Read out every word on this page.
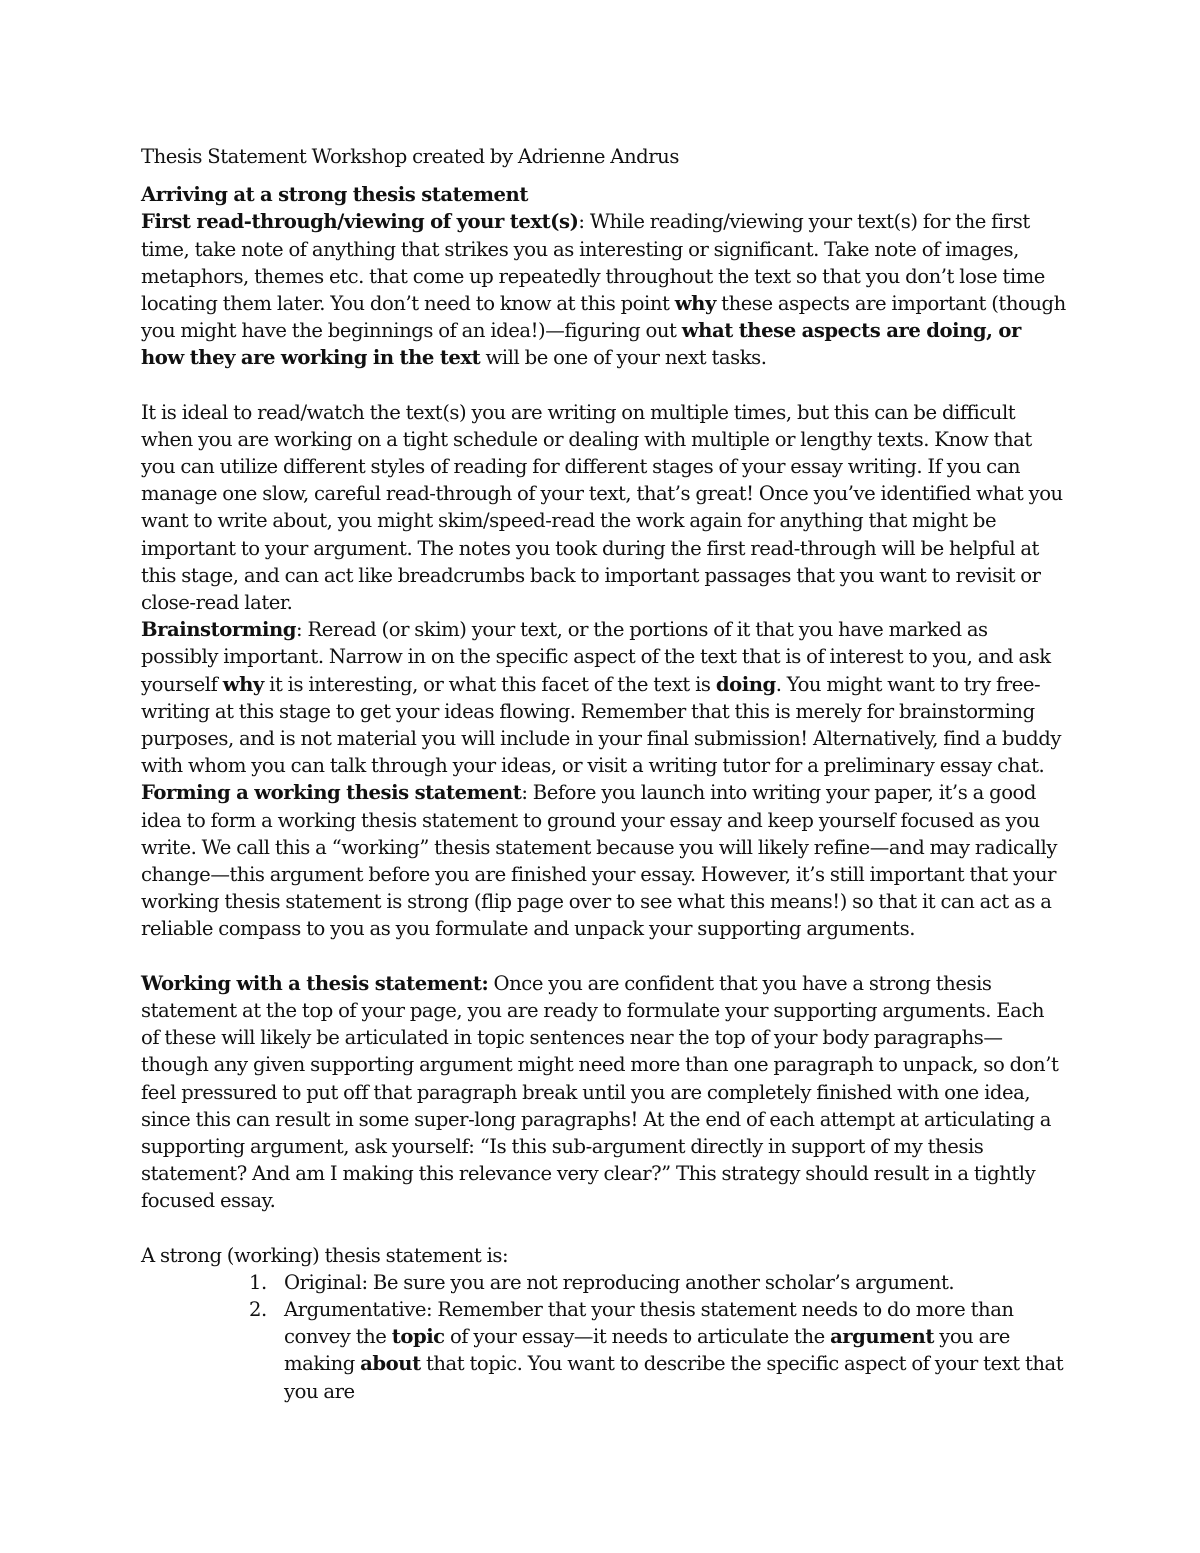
Thesis Statement Workshop created by Adrienne Andrus

Arriving at a strong thesis statement

First read-through/viewing of your text(s): While reading/viewing your text(s) for the first time, take note of anything that strikes you as interesting or significant. Take note of images, metaphors, themes etc. that come up repeatedly throughout the text so that you don’t lose time locating them later. You don’t need to know at this point why these aspects are important (though you might have the beginnings of an idea!)—figuring out what these aspects are doing, or how they are working in the text will be one of your next tasks.

It is ideal to read/watch the text(s) you are writing on multiple times, but this can be difficult when you are working on a tight schedule or dealing with multiple or lengthy texts. Know that you can utilize different styles of reading for different stages of your essay writing. If you can manage one slow, careful read-through of your text, that’s great! Once you’ve identified what you want to write about, you might skim/speed-read the work again for anything that might be important to your argument. The notes you took during the first read-through will be helpful at this stage, and can act like breadcrumbs back to important passages that you want to revisit or close-read later.

Brainstorming: Reread (or skim) your text, or the portions of it that you have marked as possibly important. Narrow in on the specific aspect of the text that is of interest to you, and ask yourself why it is interesting, or what this facet of the text is doing. You might want to try free-writing at this stage to get your ideas flowing. Remember that this is merely for brainstorming purposes, and is not material you will include in your final submission! Alternatively, find a buddy with whom you can talk through your ideas, or visit a writing tutor for a preliminary essay chat.

Forming a working thesis statement: Before you launch into writing your paper, it’s a good idea to form a working thesis statement to ground your essay and keep yourself focused as you write. We call this a “working” thesis statement because you will likely refine—and may radically change—this argument before you are finished your essay. However, it’s still important that your working thesis statement is strong (flip page over to see what this means!) so that it can act as a reliable compass to you as you formulate and unpack your supporting arguments.

Working with a thesis statement: Once you are confident that you have a strong thesis statement at the top of your page, you are ready to formulate your supporting arguments. Each of these will likely be articulated in topic sentences near the top of your body paragraphs—though any given supporting argument might need more than one paragraph to unpack, so don’t feel pressured to put off that paragraph break until you are completely finished with one idea, since this can result in some super-long paragraphs! At the end of each attempt at articulating a supporting argument, ask yourself: “Is this sub-argument directly in support of my thesis statement? And am I making this relevance very clear?” This strategy should result in a tightly focused essay.

A strong (working) thesis statement is:

1. Original: Be sure you are not reproducing another scholar’s argument.
2. Argumentative: Remember that your thesis statement needs to do more than convey the topic of your essay—it needs to articulate the argument you are making about that topic. You want to describe the specific aspect of your text that you are
